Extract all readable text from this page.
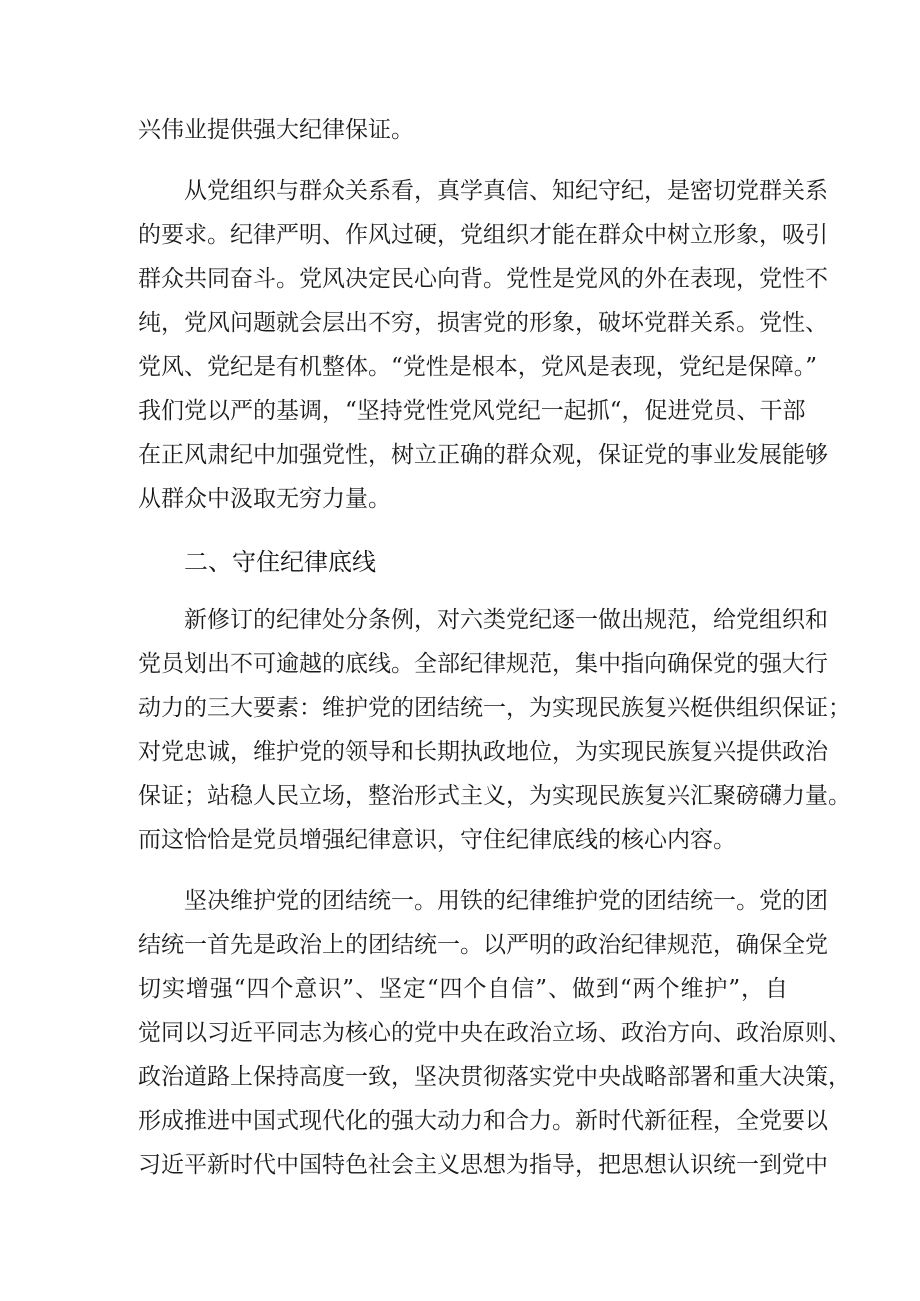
兴伟业提供强大纪律保证。
从党组织与群众关系看，真学真信、知纪守纪，是密切党群关系
的要求。纪律严明、作风过硬，党组织才能在群众中树立形象，吸引
群众共同奋斗。党风决定民心向背。党性是党风的外在表现，党性不
纯，党风问题就会层出不穷，损害党的形象，破坏党群关系。党性、
党风、党纪是有机整体。“党性是根本，党风是表现，党纪是保障。”
我们党以严的基调，“坚持党性党风党纪一起抓“，促进党员、干部
在正风肃纪中加强党性，树立正确的群众观，保证党的事业发展能够
从群众中汲取无穷力量。
二、守住纪律底线
新修订的纪律处分条例，对六类党纪逐一做出规范，给党组织和
党员划出不可逾越的底线。全部纪律规范，集中指向确保党的强大行
动力的三大要素：维护党的团结统一，为实现民族复兴梃供组织保证；
对党忠诚，维护党的领导和长期执政地位，为实现民族复兴提供政治
保证；站稳人民立场，整治形式主义，为实现民族复兴汇聚磅礴力量。
而这恰恰是党员增强纪律意识，守住纪律底线的核心内容。
坚决维护党的团结统一。用铁的纪律维护党的团结统一。党的团
结统一首先是政治上的团结统一。以严明的政治纪律规范，确保全党
切实增强“四个意识”、坚定“四个自信”、做到“两个维护”，自
觉同以习近平同志为核心的党中央在政治立场、政治方向、政治原则、
政治道路上保持高度一致，坚决贯彻落实党中央战略部署和重大决策，
形成推进中国式现代化的强大动力和合力。新时代新征程，全党要以
习近平新时代中国特色社会主义思想为指导，把思想认识统一到党中
